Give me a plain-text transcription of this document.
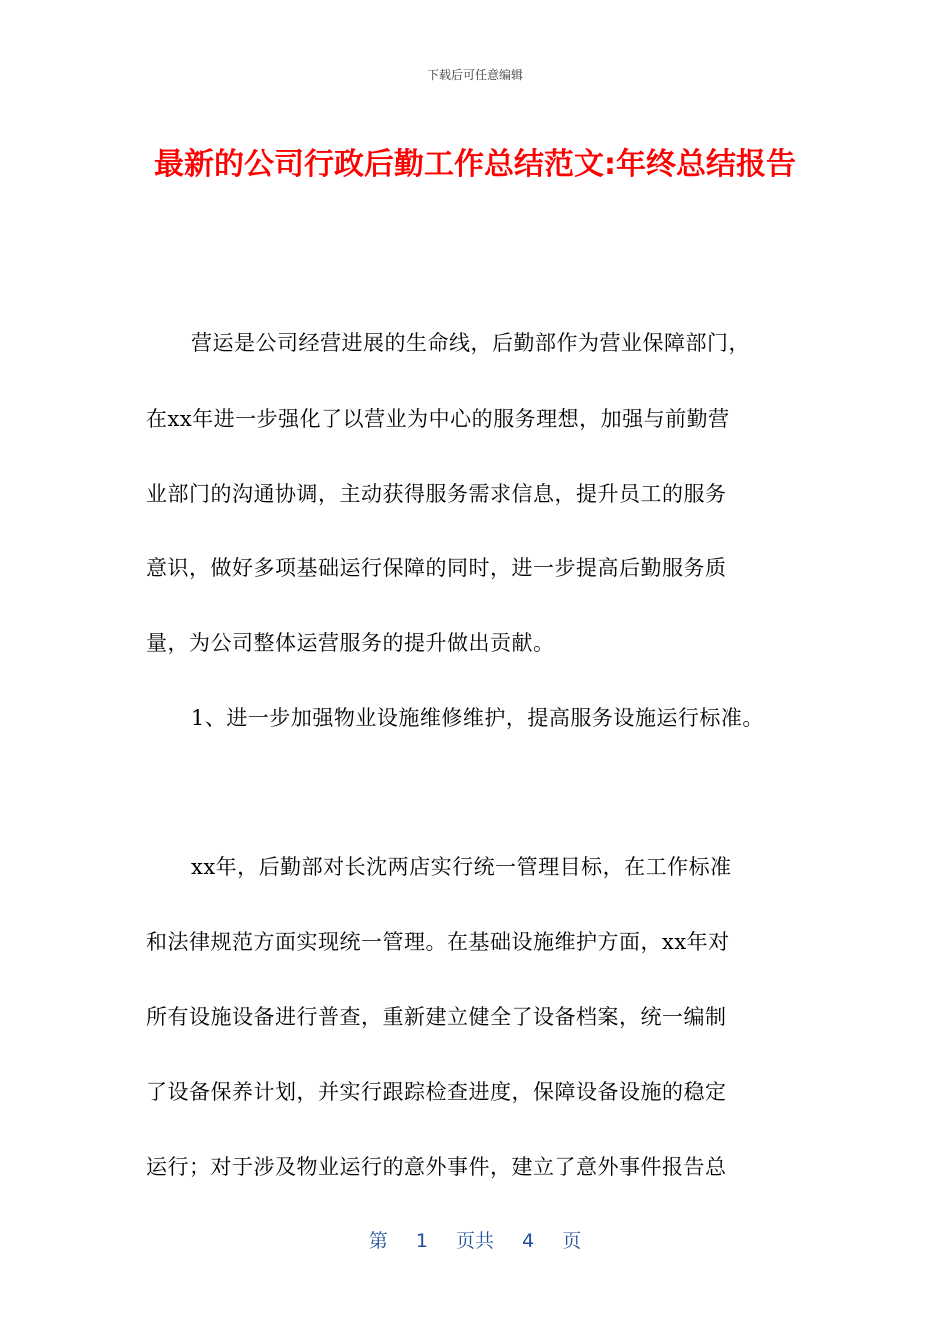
下载后可任意编辑
最新的公司行政后勤工作总结范文:年终总结报告
营运是公司经营进展的生命线，后勤部作为营业保障部门，
在xx年进一步强化了以营业为中心的服务理想，加强与前勤营
业部门的沟通协调，主动获得服务需求信息，提升员工的服务
意识，做好多项基础运行保障的同时，进一步提高后勤服务质
量，为公司整体运营服务的提升做出贡献。
1、进一步加强物业设施维修维护，提高服务设施运行标准。
xx年，后勤部对长沈两店实行统一管理目标，在工作标准
和法律规范方面实现统一管理。在基础设施维护方面，xx年对
所有设施设备进行普查，重新建立健全了设备档案，统一编制
了设备保养计划，并实行跟踪检查进度，保障设备设施的稳定
运行；对于涉及物业运行的意外事件，建立了意外事件报告总
第 1 页共 4 页
